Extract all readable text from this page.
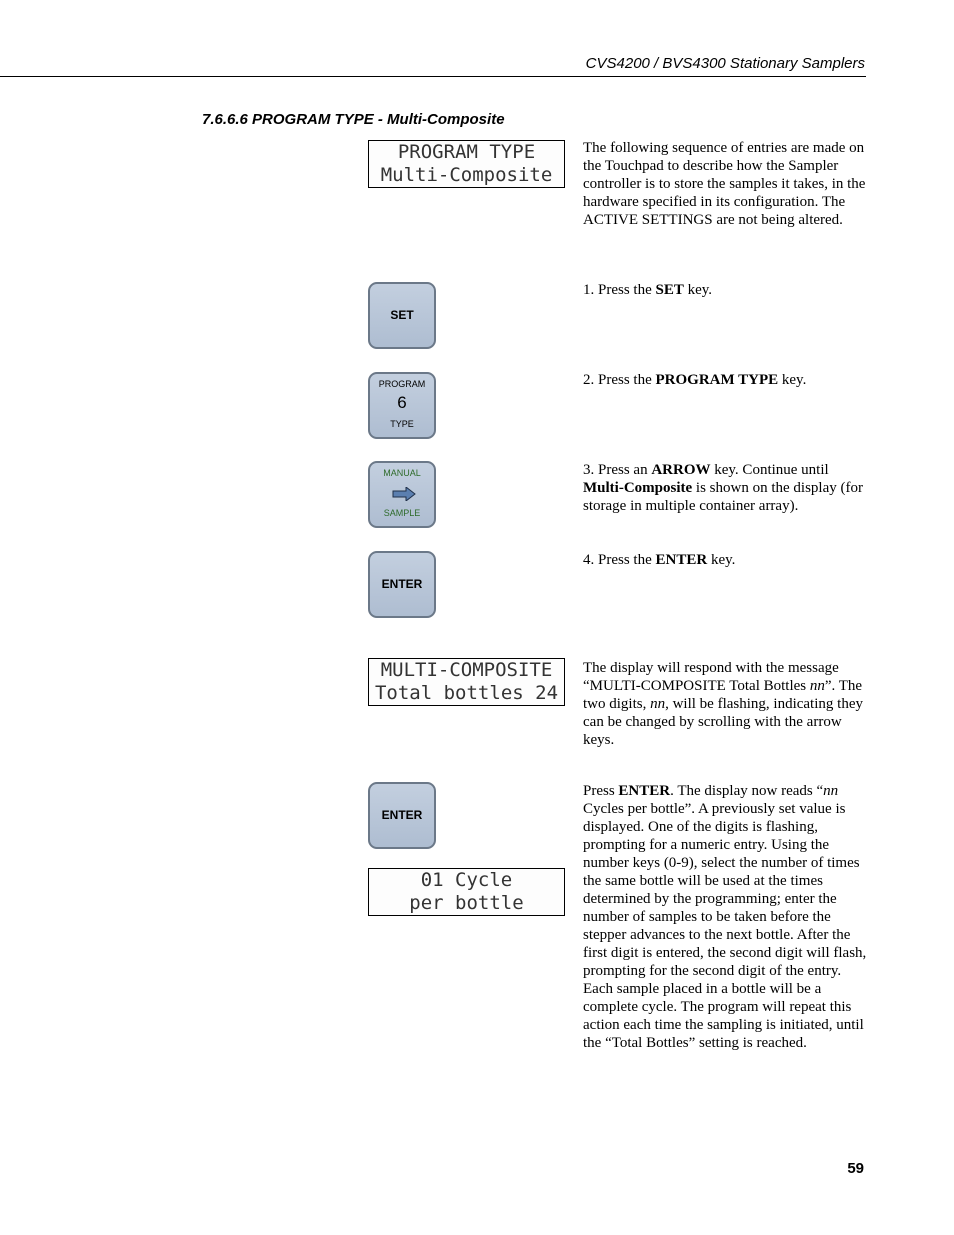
CVS4200 / BVS4300 Stationary Samplers
7.6.6.6 PROGRAM TYPE - Multi-Composite
PROGRAM TYPE
Multi-Composite

The following sequence of entries are made on the Touchpad to describe how the Sampler controller is to store the samples it takes, in the hardware specified in its configuration. The ACTIVE SETTINGS are not being altered.

SET

1. Press the SET key.

PROGRAM
6
TYPE

2. Press the PROGRAM TYPE key.

MANUAL
SAMPLE

3. Press an ARROW key. Continue until Multi-Composite is shown on the display (for storage in multiple container array).

ENTER

4. Press the ENTER key.

MULTI-COMPOSITE
Total bottles 24

The display will respond with the message “MULTI-COMPOSITE Total Bottles nn”. The two digits, nn, will be flashing, indicating they can be changed by scrolling with the arrow keys.

ENTER
01 Cycle
per bottle

Press ENTER. The display now reads “nn Cycles per bottle”. A previously set value is displayed. One of the digits is flashing, prompting for a numeric entry. Using the number keys (0-9), select the number of times the same bottle will be used at the times determined by the programming; enter the number of samples to be taken before the stepper advances to the next bottle. After the first digit is entered, the second digit will flash, prompting for the second digit of the entry. Each sample placed in a bottle will be a complete cycle. The program will repeat this action each time the sampling is initiated, until the “Total Bottles” setting is reached.

59
